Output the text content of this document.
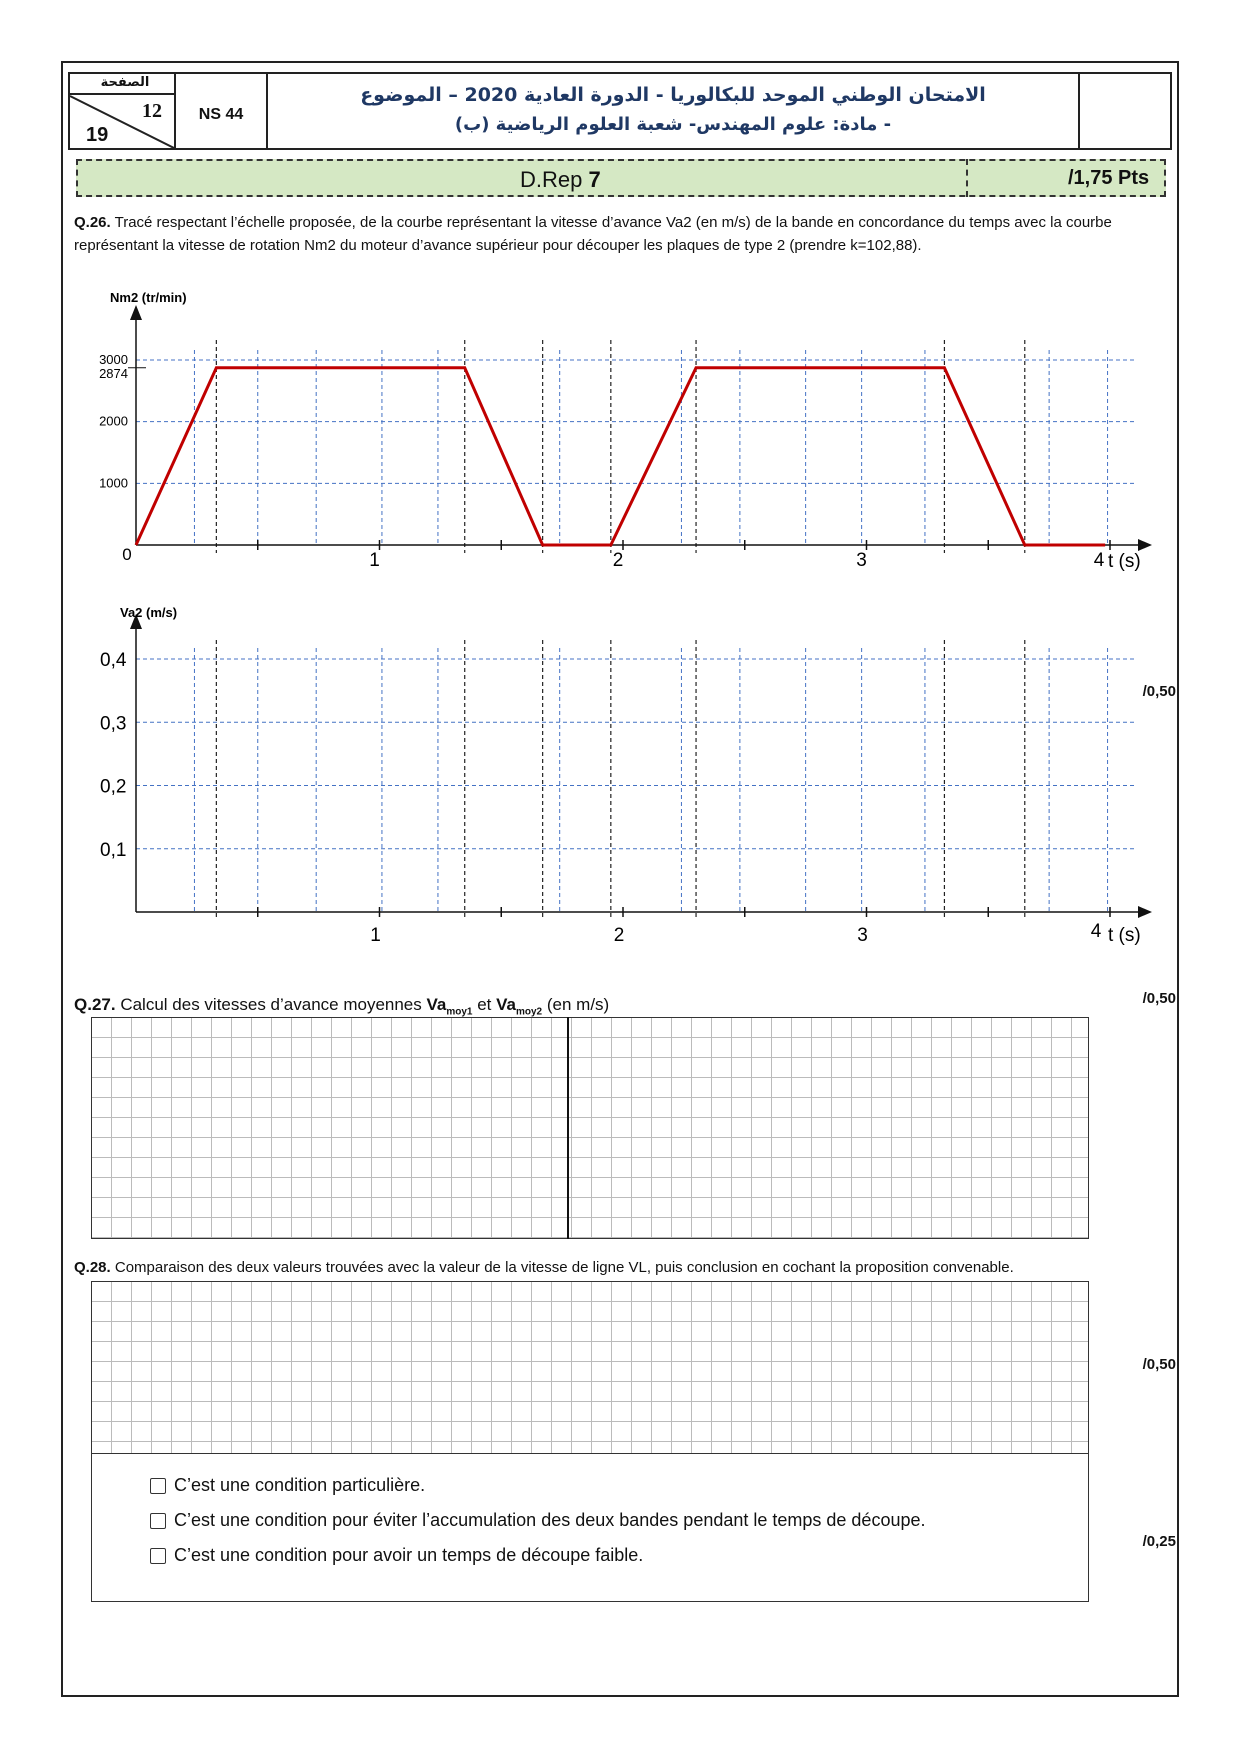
الصفحة
12
19
NS 44
الامتحان الوطني الموحد للبكالوريا - الدورة العادية 2020 – الموضوع
- مادة: علوم المهندس- شعبة العلوم الرياضية (ب)
D.Rep 7	/1,75 Pts
Q.26. Tracé respectant l’échelle proposée, de la courbe représentant la vitesse d’avance Va2 (en m/s) de la bande en concordance du temps avec la courbe représentant la vitesse de rotation Nm2 du moteur d’avance supérieur pour découper les plaques de type 2 (prendre k=102,88).
/0,50
Nm2 (tr/min)
3000
2874
2000
1000
0	1	2	3	4 t (s)
0,4
0,3
0,2
0,1
Va2 (m/s)
1	2	3	4 t (s)
Q.27. Calcul des vitesses d’avance moyennes $Va_{moy1}$ et $Va_{moy2}$ (en m/s)	/0,50
Q.28. Comparaison des deux valeurs trouvées avec la valeur de la vitesse de ligne VL, puis conclusion en cochant la proposition convenable.
/0,50
C’est une condition particulière.
C’est une condition pour éviter l’accumulation des deux bandes pendant le temps de découpe.
C’est une condition pour avoir un temps de découpe faible.
/0,25
